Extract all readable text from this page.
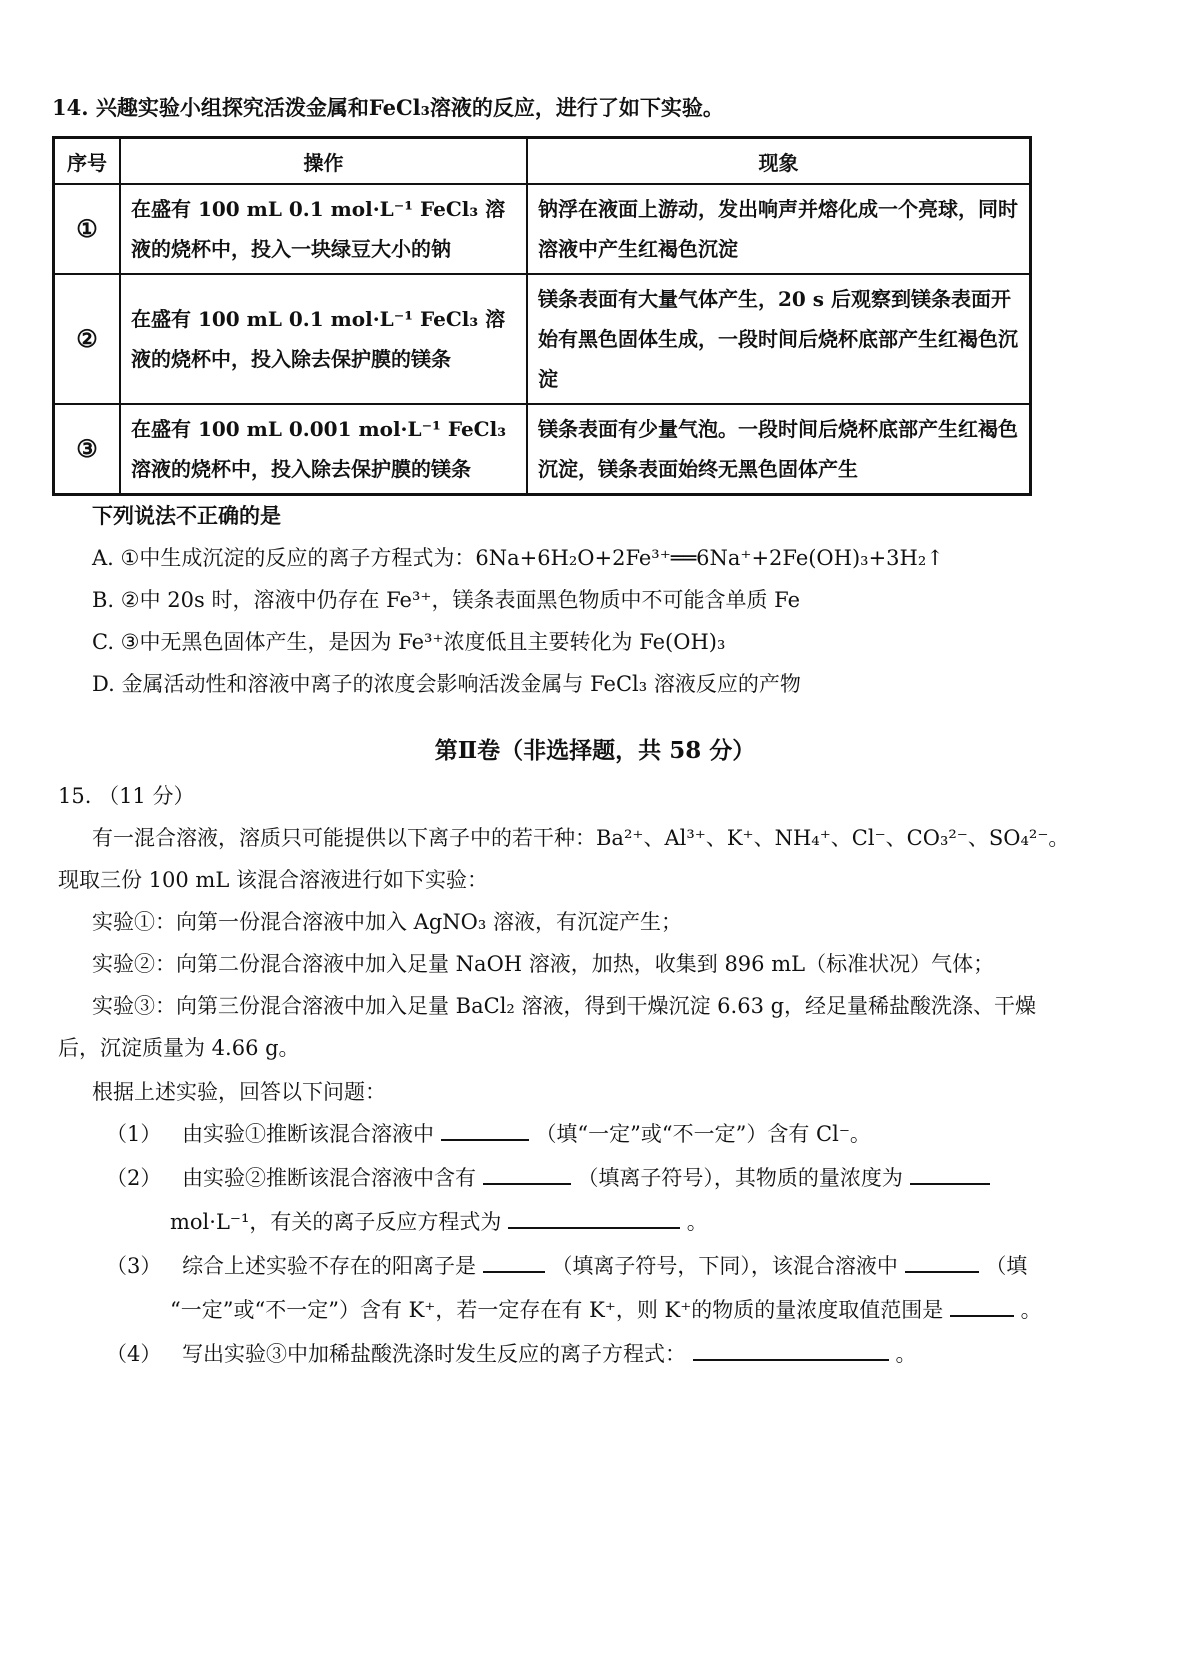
14. 兴趣实验小组探究活泼金属和FeCl₃溶液的反应，进行了如下实验。
序号	操作	现象
①	在盛有 100 mL 0.1 mol·L⁻¹ FeCl₃ 溶液的烧杯中，投入一块绿豆大小的钠	钠浮在液面上游动，发出响声并熔化成一个亮球，同时溶液中产生红褐色沉淀
②	在盛有 100 mL 0.1 mol·L⁻¹ FeCl₃ 溶液的烧杯中，投入除去保护膜的镁条	镁条表面有大量气体产生，20 s 后观察到镁条表面开始有黑色固体生成，一段时间后烧杯底部产生红褐色沉淀
③	在盛有 100 mL 0.001 mol·L⁻¹ FeCl₃ 溶液的烧杯中，投入除去保护膜的镁条	镁条表面有少量气泡。一段时间后烧杯底部产生红褐色沉淀，镁条表面始终无黑色固体产生
下列说法不正确的是
A. ①中生成沉淀的反应的离子方程式为：6Na+6H₂O+2Fe³⁺══6Na⁺+2Fe(OH)₃+3H₂↑
B. ②中 20s 时，溶液中仍存在 Fe³⁺，镁条表面黑色物质中不可能含单质 Fe
C. ③中无黑色固体产生，是因为 Fe³⁺浓度低且主要转化为 Fe(OH)₃
D. 金属活动性和溶液中离子的浓度会影响活泼金属与 FeCl₃ 溶液反应的产物
第Ⅱ卷（非选择题，共 58 分）
15. （11 分）
有一混合溶液，溶质只可能提供以下离子中的若干种：Ba²⁺、Al³⁺、K⁺、NH₄⁺、Cl⁻、CO₃²⁻、SO₄²⁻。
现取三份 100 mL 该混合溶液进行如下实验：
实验①：向第一份混合溶液中加入 AgNO₃ 溶液，有沉淀产生；
实验②：向第二份混合溶液中加入足量 NaOH 溶液，加热，收集到 896 mL（标准状况）气体；
实验③：向第三份混合溶液中加入足量 BaCl₂ 溶液，得到干燥沉淀 6.63 g，经足量稀盐酸洗涤、干燥
后，沉淀质量为 4.66 g。
根据上述实验，回答以下问题：
（1） 由实验①推断该混合溶液中	（填“一定”或“不一定”）含有 Cl⁻。
（2） 由实验②推断该混合溶液中含有	（填离子符号），其物质的量浓度为
mol·L⁻¹，有关的离子反应方程式为	。
（3） 综合上述实验不存在的阳离子是	（填离子符号，下同），该混合溶液中	（填
“一定”或“不一定”）含有 K⁺，若一定存在有 K⁺，则 K⁺的物质的量浓度取值范围是	。
（4） 写出实验③中加稀盐酸洗涤时发生反应的离子方程式：	。
